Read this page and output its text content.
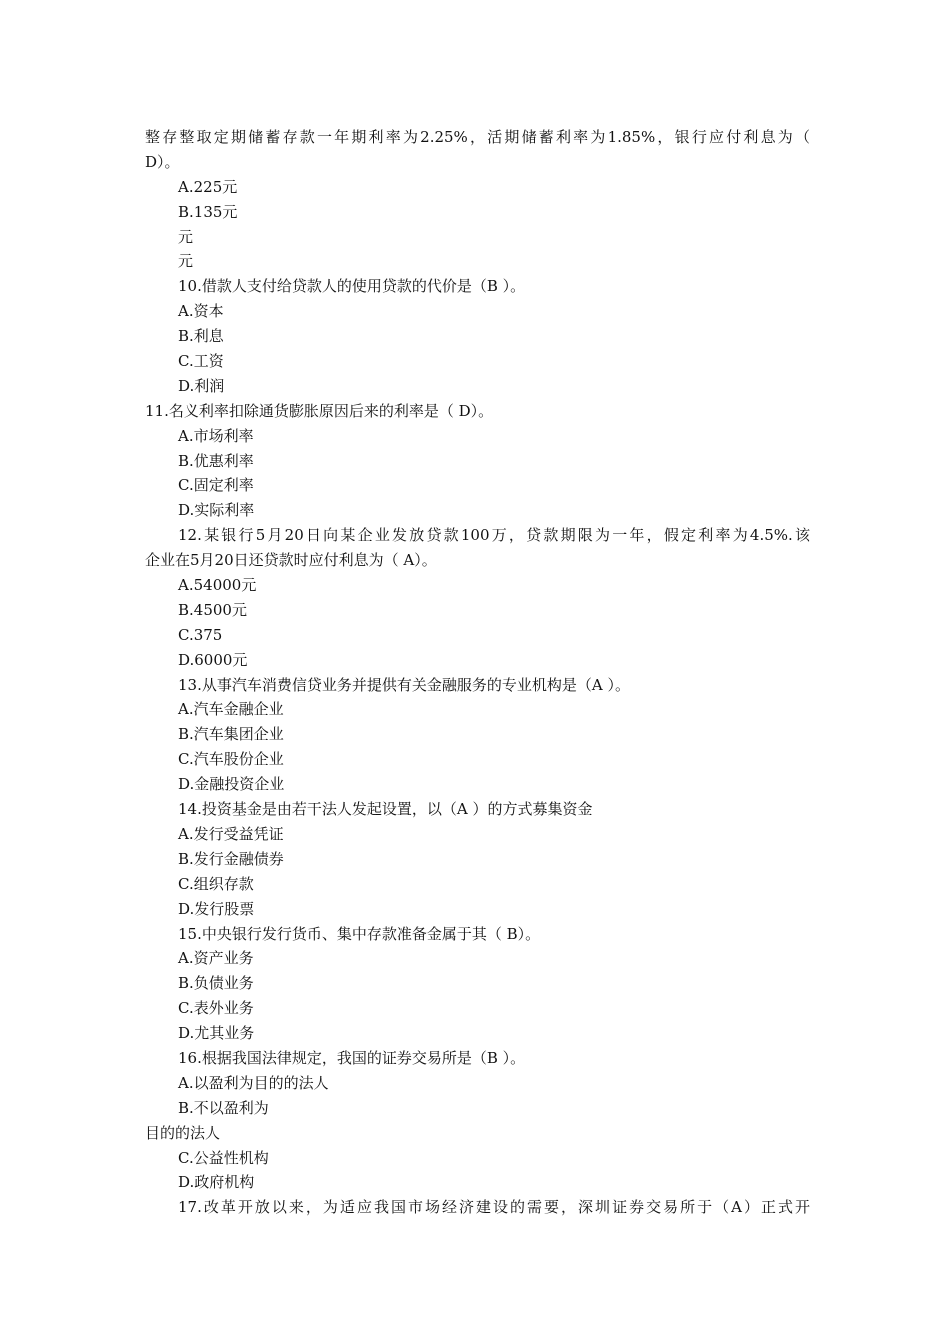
整存整取定期储蓄存款一年期利率为2.25%，活期储蓄利率为1.85%，银行应付利息为（
D）。
A.225元
B.135元
元
元
10.借款人支付给贷款人的使用贷款的代价是（B ）。
A.资本
B.利息
C.工资
D.利润
11.名义利率扣除通货膨胀原因后来的利率是（ D）。
A.市场利率
B.优惠利率
C.固定利率
D.实际利率
12.某银行5月20日向某企业发放贷款100万，贷款期限为一年，假定利率为4.5%.该
企业在5月20日还贷款时应付利息为（ A）。
A.54000元
B.4500元
C.375
D.6000元
13.从事汽车消费信贷业务并提供有关金融服务的专业机构是（A ）。
A.汽车金融企业
B.汽车集团企业
C.汽车股份企业
D.金融投资企业
14.投资基金是由若干法人发起设置，以（A ）的方式募集资金
A.发行受益凭证
B.发行金融债券
C.组织存款
D.发行股票
15.中央银行发行货币、集中存款准备金属于其（ B）。
A.资产业务
B.负债业务
C.表外业务
D.尤其业务
16.根据我国法律规定，我国的证券交易所是（B ）。
A.以盈利为目的的法人
B.不以盈利为
目的的法人
C.公益性机构
D.政府机构
17.改革开放以来，为适应我国市场经济建设的需要，深圳证券交易所于（A）正式开
